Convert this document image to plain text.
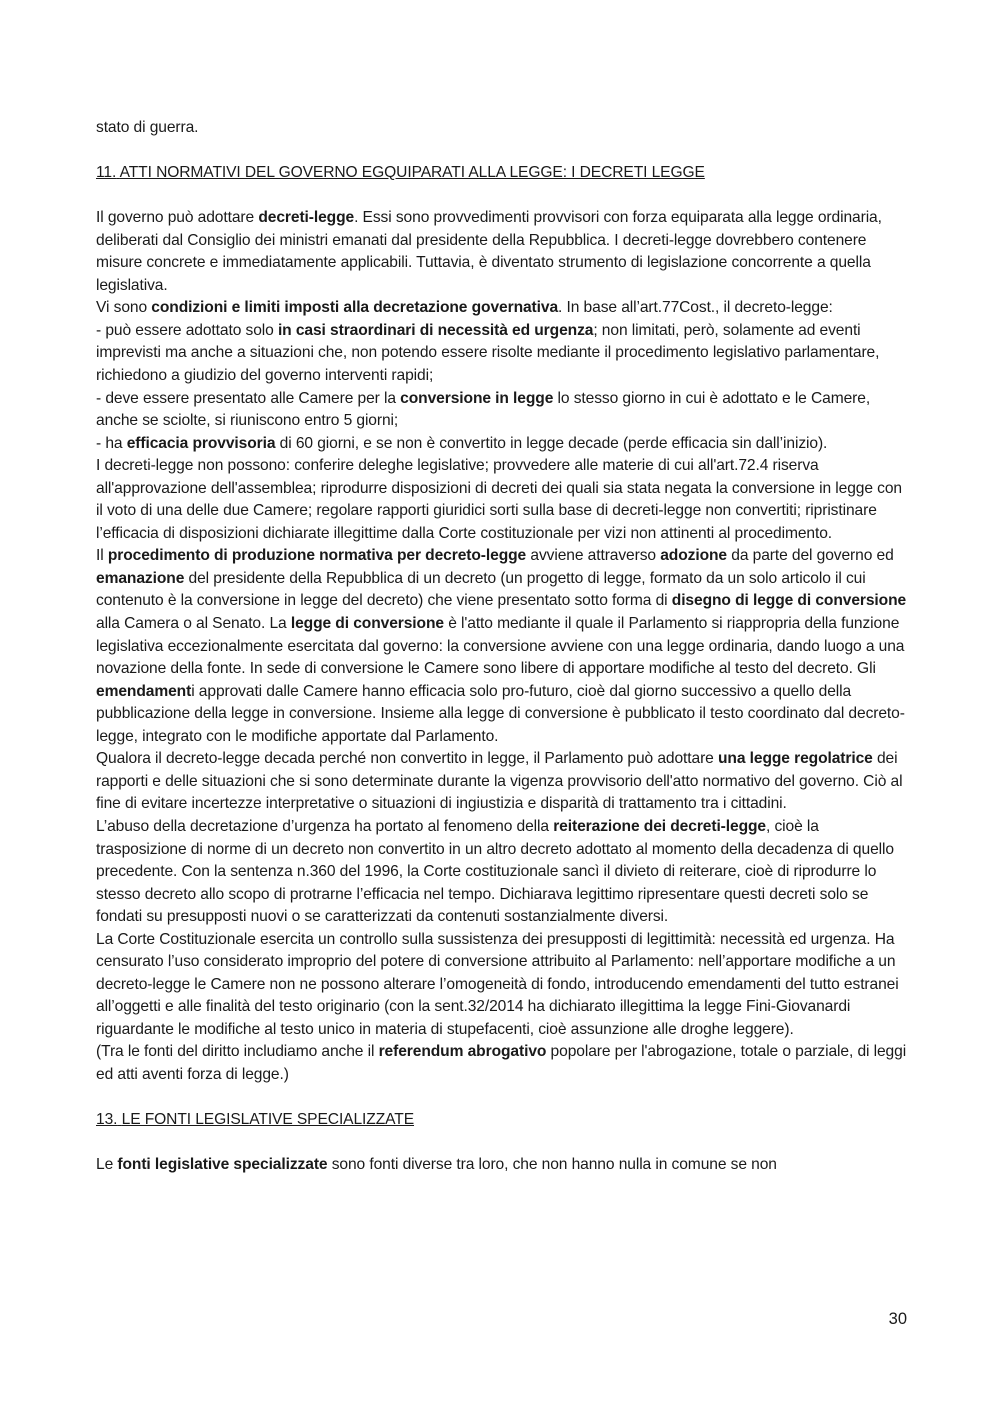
stato di guerra.

11. ATTI NORMATIVI DEL GOVERNO EGQUIPARATI ALLA LEGGE: I DECRETI LEGGE

Il governo può adottare decreti-legge. Essi sono provvedimenti provvisori con forza equiparata alla legge ordinaria, deliberati dal Consiglio dei ministri emanati dal presidente della Repubblica. I decreti-legge dovrebbero contenere misure concrete e immediatamente applicabili. Tuttavia, è diventato strumento di legislazione concorrente a quella legislativa.

Vi sono condizioni e limiti imposti alla decretazione governativa. In base all’art.77Cost., il decreto-legge:

- può essere adottato solo in casi straordinari di necessità ed urgenza; non limitati, però, solamente ad eventi imprevisti ma anche a situazioni che, non potendo essere risolte mediante il procedimento legislativo parlamentare, richiedono a giudizio del governo interventi rapidi;

- deve essere presentato alle Camere per la conversione in legge lo stesso giorno in cui è adottato e le Camere, anche se sciolte, si riuniscono entro 5 giorni;

- ha efficacia provvisoria di 60 giorni, e se non è convertito in legge decade (perde efficacia sin dall’inizio).

I decreti-legge non possono: conferire deleghe legislative; provvedere alle materie di cui all'art.72.4 riserva all'approvazione dell'assemblea; riprodurre disposizioni di decreti dei quali sia stata negata la conversione in legge con il voto di una delle due Camere; regolare rapporti giuridici sorti sulla base di decreti-legge non convertiti; ripristinare l’efficacia di disposizioni dichiarate illegittime dalla Corte costituzionale per vizi non attinenti al procedimento.

Il procedimento di produzione normativa per decreto-legge avviene attraverso adozione da parte del governo ed emanazione del presidente della Repubblica di un decreto (un progetto di legge, formato da un solo articolo il cui contenuto è la conversione in legge del decreto) che viene presentato sotto forma di disegno di legge di conversione alla Camera o al Senato. La legge di conversione è l'atto mediante il quale il Parlamento si riappropria della funzione legislativa eccezionalmente esercitata dal governo: la conversione avviene con una legge ordinaria, dando luogo a una novazione della fonte. In sede di conversione le Camere sono libere di apportare modifiche al testo del decreto. Gli emendamenti approvati dalle Camere hanno efficacia solo pro-futuro, cioè dal giorno successivo a quello della pubblicazione della legge in conversione. Insieme alla legge di conversione è pubblicato il testo coordinato dal decreto-legge, integrato con le modifiche apportate dal Parlamento.

Qualora il decreto-legge decada perché non convertito in legge, il Parlamento può adottare una legge regolatrice dei rapporti e delle situazioni che si sono determinate durante la vigenza provvisorio dell'atto normativo del governo. Ciò al fine di evitare incertezze interpretative o situazioni di ingiustizia e disparità di trattamento tra i cittadini.

L’abuso della decretazione d’urgenza ha portato al fenomeno della reiterazione dei decreti-legge, cioè la trasposizione di norme di un decreto non convertito in un altro decreto adottato al momento della decadenza di quello precedente. Con la sentenza n.360 del 1996, la Corte costituzionale sancì il divieto di reiterare, cioè di riprodurre lo stesso decreto allo scopo di protrarne l’efficacia nel tempo. Dichiarava legittimo ripresentare questi decreti solo se fondati su presupposti nuovi o se caratterizzati da contenuti sostanzialmente diversi.

La Corte Costituzionale esercita un controllo sulla sussistenza dei presupposti di legittimità: necessità ed urgenza. Ha censurato l’uso considerato improprio del potere di conversione attribuito al Parlamento: nell’apportare modifiche a un decreto-legge le Camere non ne possono alterare l’omogeneità di fondo, introducendo emendamenti del tutto estranei all’oggetti e alle finalità del testo originario (con la sent.32/2014 ha dichiarato illegittima la legge Fini-Giovanardi riguardante le modifiche al testo unico in materia di stupefacenti, cioè assunzione alle droghe leggere).

(Tra le fonti del diritto includiamo anche il referendum abrogativo popolare per l'abrogazione, totale o parziale, di leggi ed atti aventi forza di legge.)

13. LE FONTI LEGISLATIVE SPECIALIZZATE

Le fonti legislative specializzate sono fonti diverse tra loro, che non hanno nulla in comune se non

30
